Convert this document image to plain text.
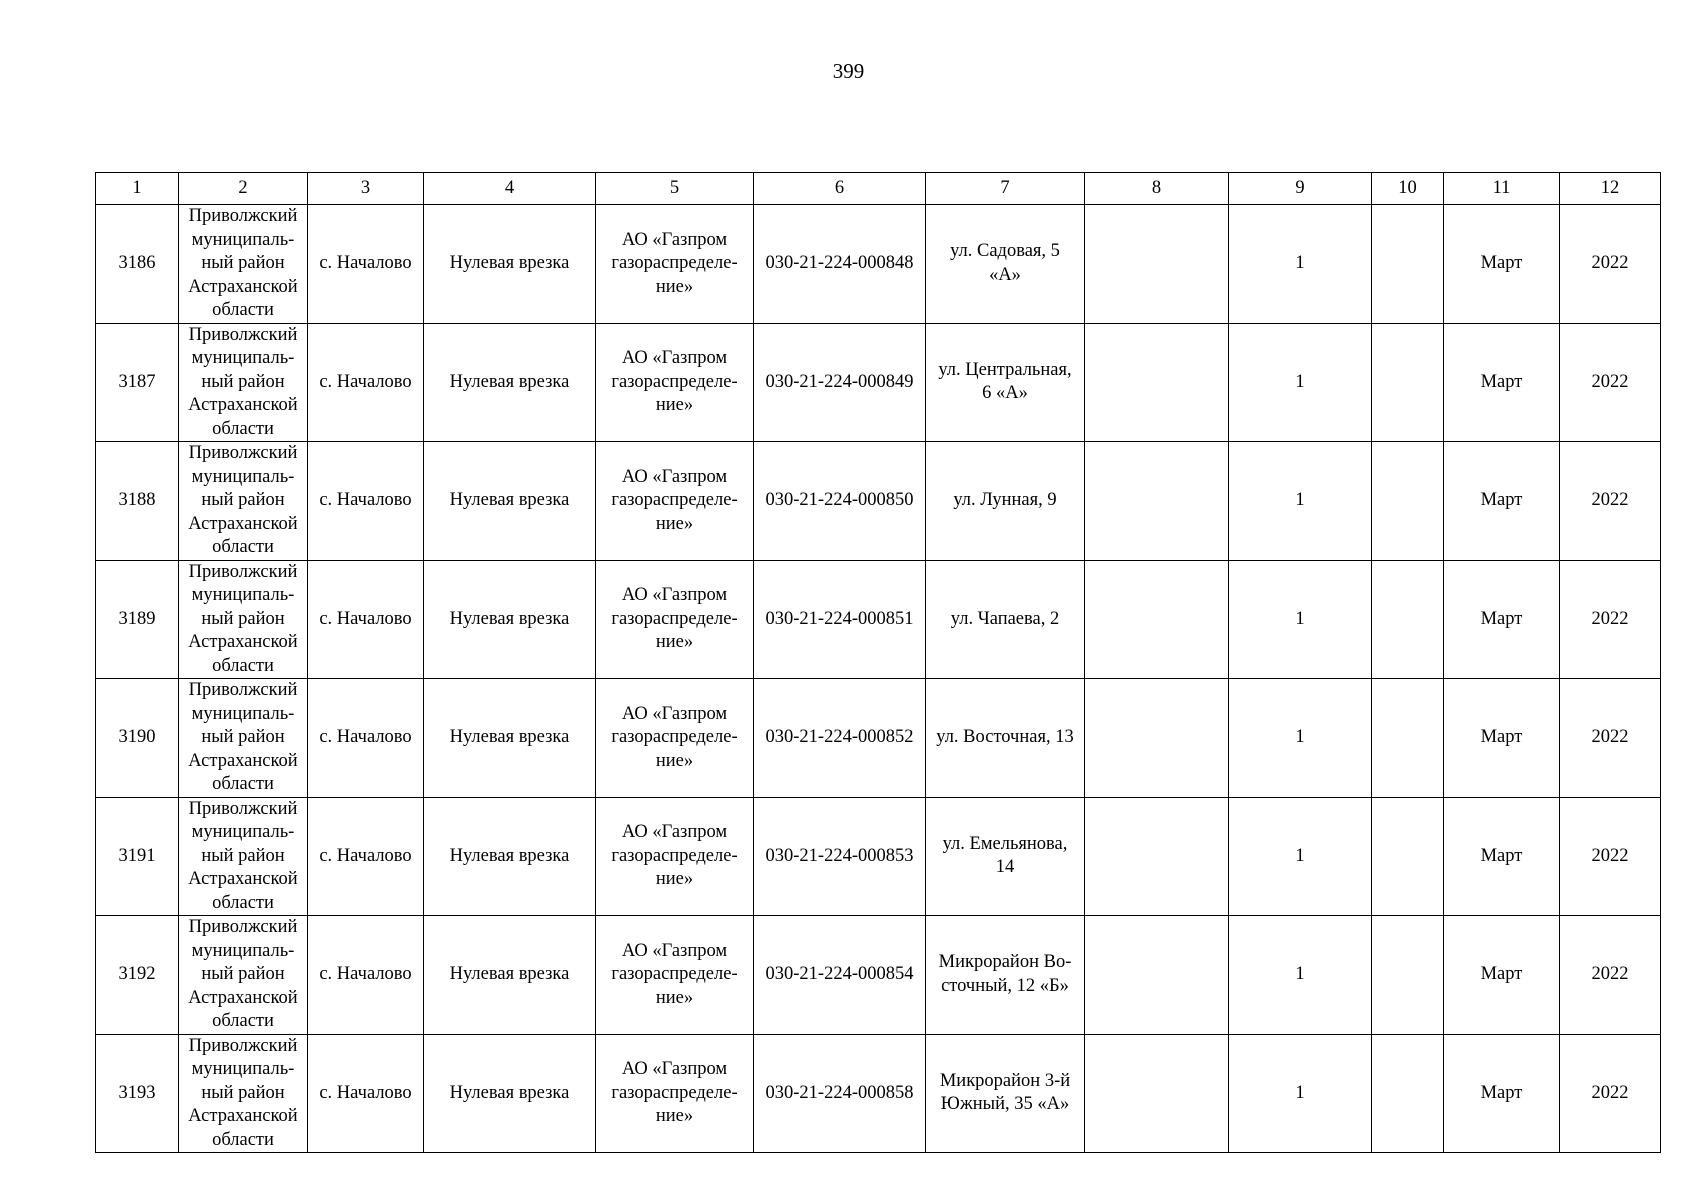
399
1	2	3	4	5	6	7	8	9	10	11	12
3186	Приволжский
муниципаль-
ный район
Астраханской
области	с. Началово	Нулевая врезка	АО «Газпром
газораспределе-
ние»	030-21-224-000848	ул. Садовая, 5
«А»		1		Март	2022
3187	Приволжский
муниципаль-
ный район
Астраханской
области	с. Началово	Нулевая врезка	АО «Газпром
газораспределе-
ние»	030-21-224-000849	ул. Центральная,
6 «А»		1		Март	2022
3188	Приволжский
муниципаль-
ный район
Астраханской
области	с. Началово	Нулевая врезка	АО «Газпром
газораспределе-
ние»	030-21-224-000850	ул. Лунная, 9		1		Март	2022
3189	Приволжский
муниципаль-
ный район
Астраханской
области	с. Началово	Нулевая врезка	АО «Газпром
газораспределе-
ние»	030-21-224-000851	ул. Чапаева, 2		1		Март	2022
3190	Приволжский
муниципаль-
ный район
Астраханской
области	с. Началово	Нулевая врезка	АО «Газпром
газораспределе-
ние»	030-21-224-000852	ул. Восточная, 13		1		Март	2022
3191	Приволжский
муниципаль-
ный район
Астраханской
области	с. Началово	Нулевая врезка	АО «Газпром
газораспределе-
ние»	030-21-224-000853	ул. Емельянова,
14		1		Март	2022
3192	Приволжский
муниципаль-
ный район
Астраханской
области	с. Началово	Нулевая врезка	АО «Газпром
газораспределе-
ние»	030-21-224-000854	Микрорайон Во-
сточный, 12 «Б»		1		Март	2022
3193	Приволжский
муниципаль-
ный район
Астраханской
области	с. Началово	Нулевая врезка	АО «Газпром
газораспределе-
ние»	030-21-224-000858	Микрорайон 3-й
Южный, 35 «А»		1		Март	2022
